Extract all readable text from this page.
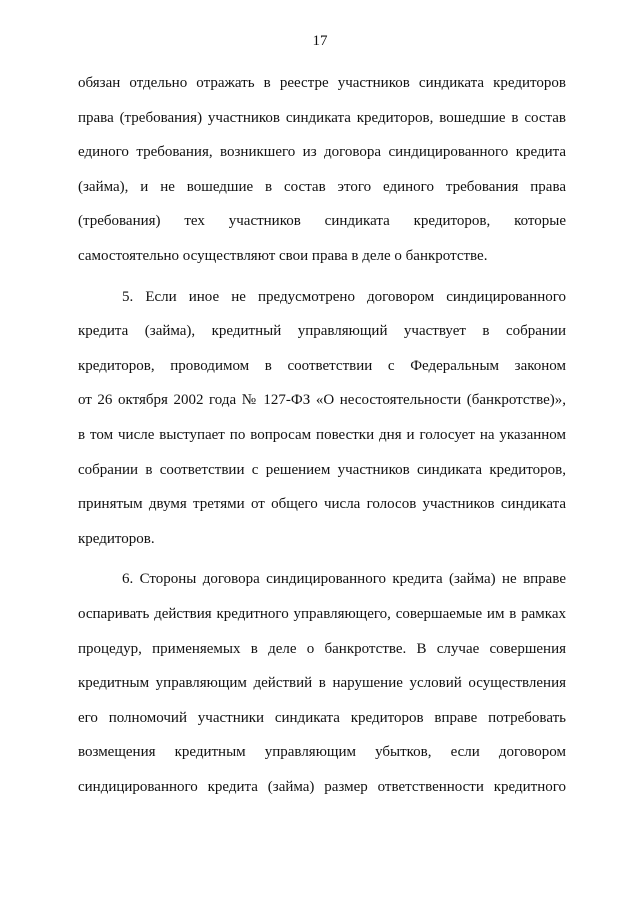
17
обязан отдельно отражать в реестре участников синдиката кредиторов
права (требования) участников синдиката кредиторов, вошедшие в состав
единого требования, возникшего из договора синдицированного кредита
(займа), и не вошедшие в состав этого единого требования права
(требования) тех участников синдиката кредиторов, которые
самостоятельно осуществляют свои права в деле о банкротстве.
5. Если иное не предусмотрено договором синдицированного
кредита (займа), кредитный управляющий участвует в собрании
кредиторов, проводимом в соответствии с Федеральным законом
от 26 октября 2002 года № 127-ФЗ «О несостоятельности (банкротстве)»,
в том числе выступает по вопросам повестки дня и голосует на указанном
собрании в соответствии с решением участников синдиката кредиторов,
принятым двумя третями от общего числа голосов участников синдиката
кредиторов.
6. Стороны договора синдицированного кредита (займа) не вправе
оспаривать действия кредитного управляющего, совершаемые им в рамках
процедур, применяемых в деле о банкротстве. В случае совершения
кредитным управляющим действий в нарушение условий осуществления
его полномочий участники синдиката кредиторов вправе потребовать
возмещения кредитным управляющим убытков, если договором
синдицированного кредита (займа) размер ответственности кредитного
